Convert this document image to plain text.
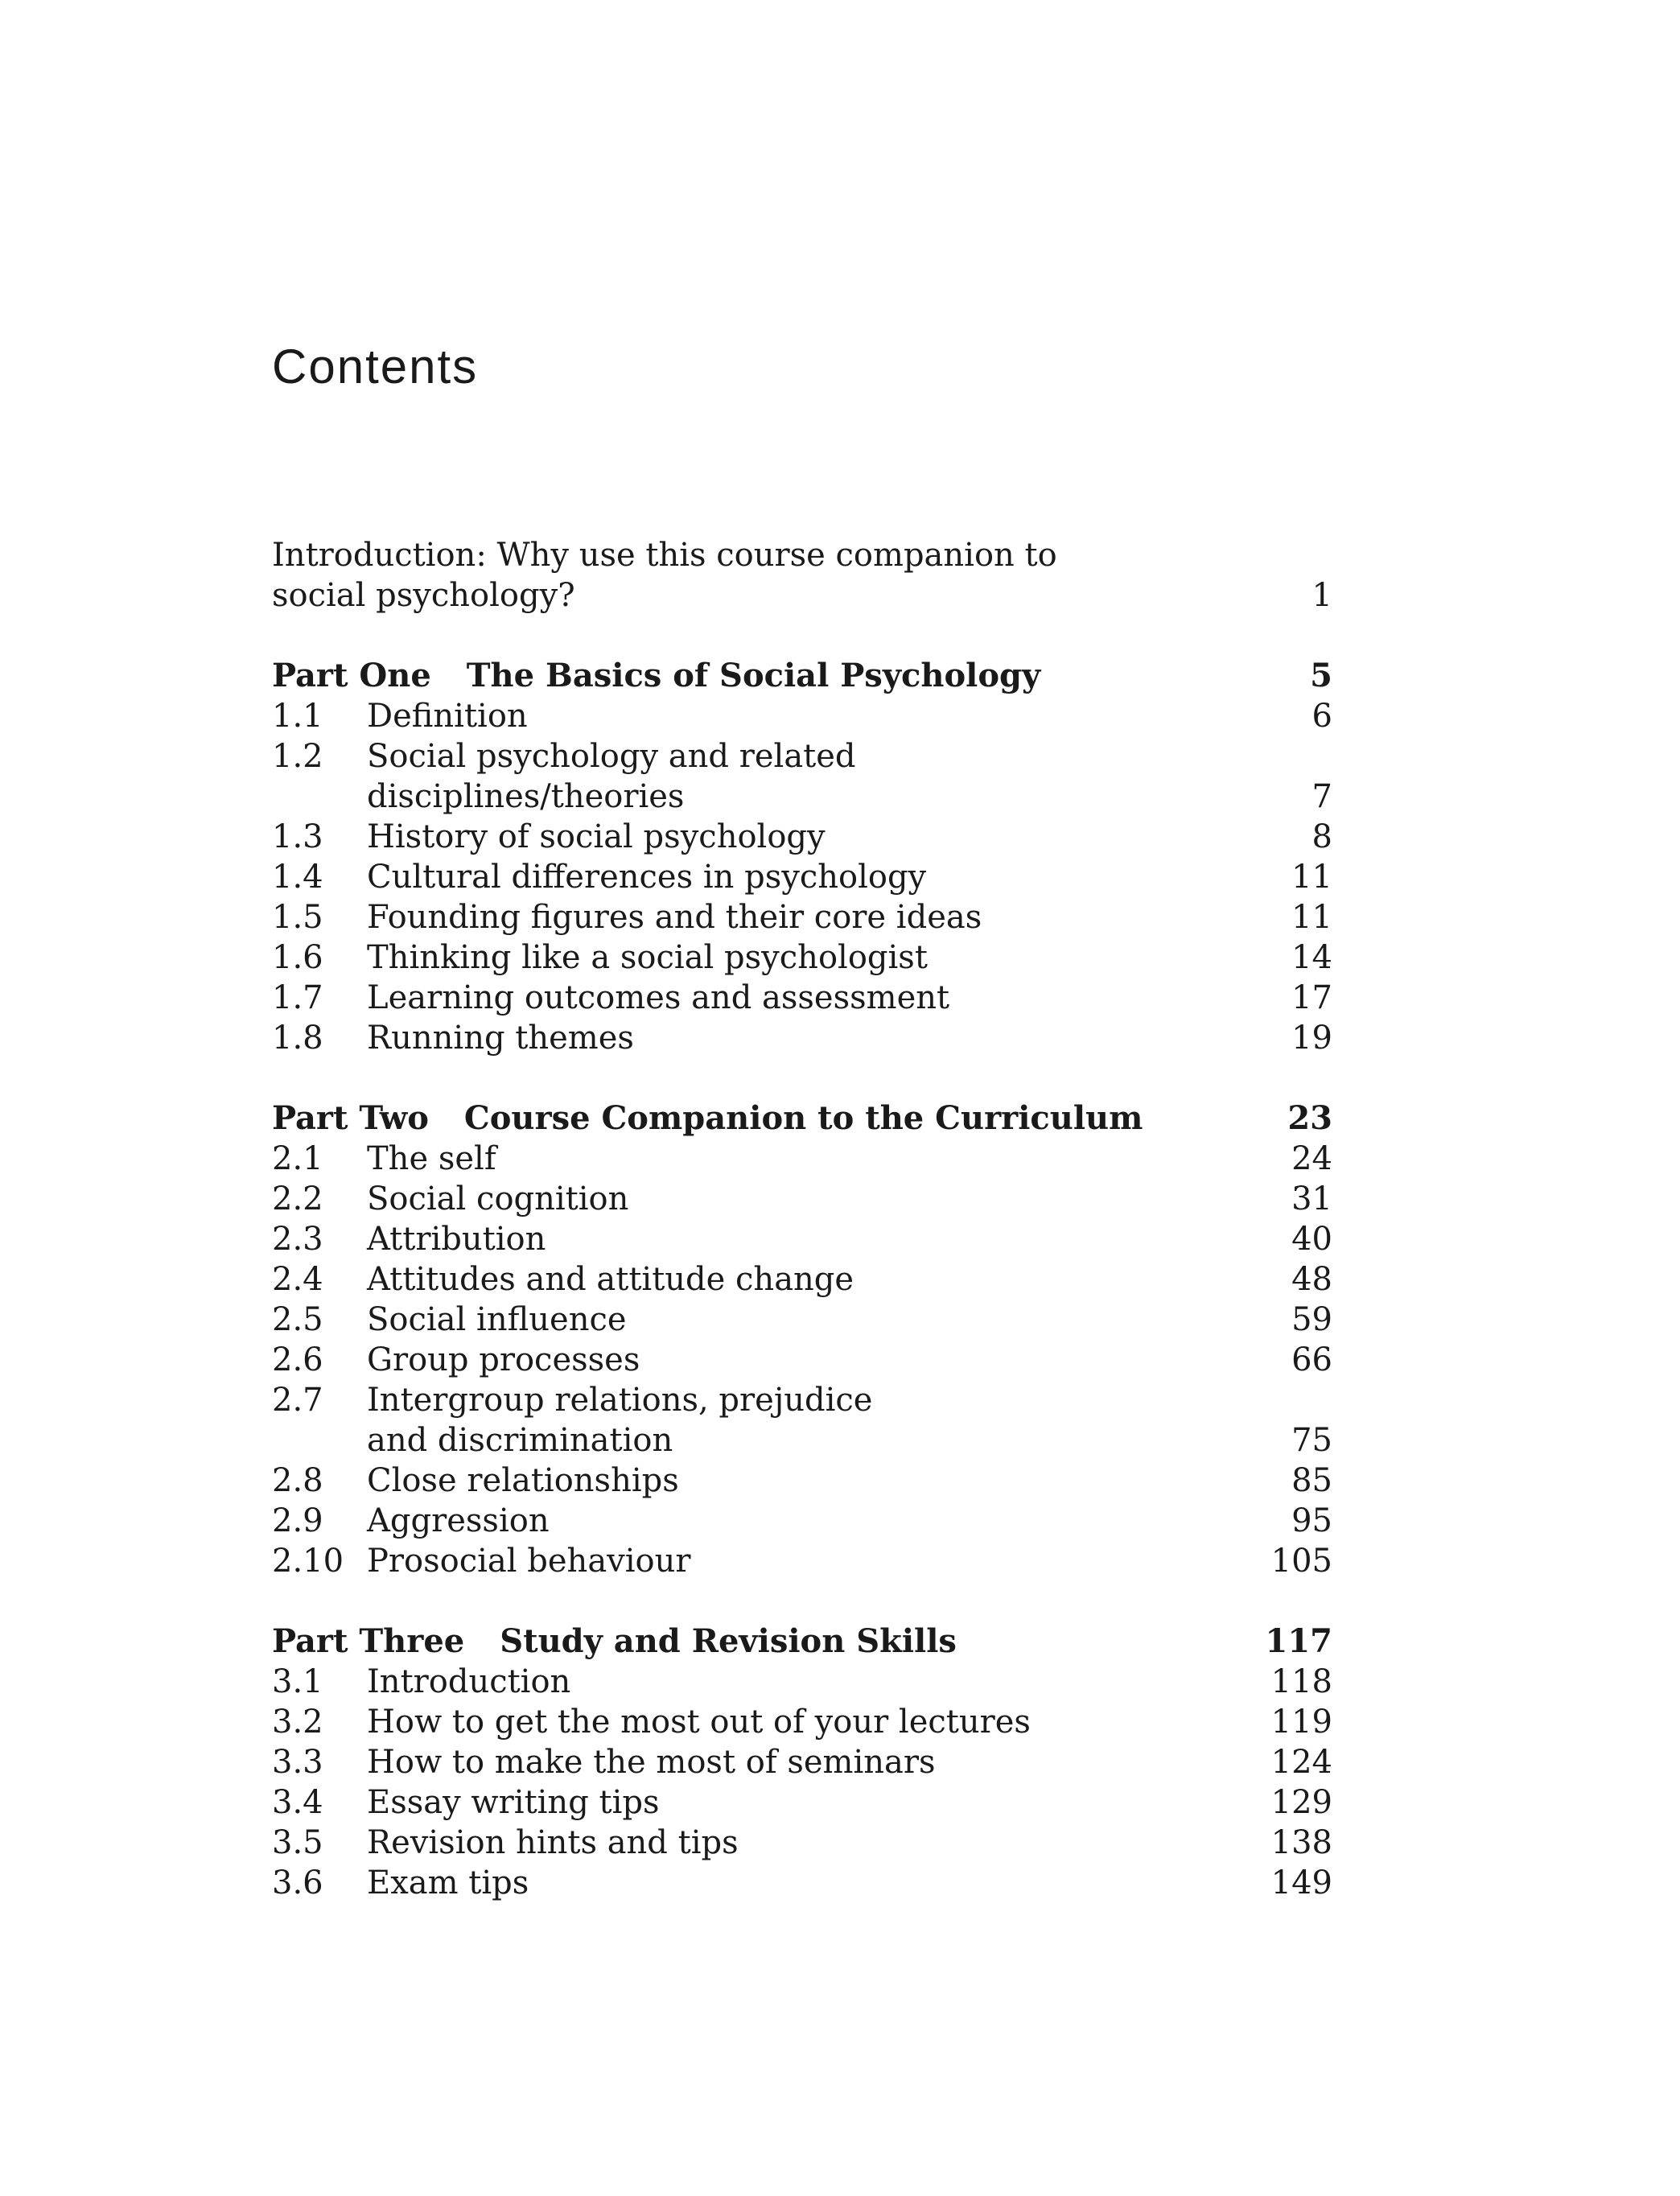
Contents
Introduction: Why use this course companion to
social psychology?	1
Part One The Basics of Social Psychology	5
1.1	Definition	6
1.2	Social psychology and related
disciplines/theories	7
1.3	History of social psychology	8
1.4	Cultural differences in psychology	11
1.5	Founding figures and their core ideas	11
1.6	Thinking like a social psychologist	14
1.7	Learning outcomes and assessment	17
1.8	Running themes	19
Part Two Course Companion to the Curriculum	23
2.1	The self	24
2.2	Social cognition	31
2.3	Attribution	40
2.4	Attitudes and attitude change	48
2.5	Social influence	59
2.6	Group processes	66
2.7	Intergroup relations, prejudice
and discrimination	75
2.8	Close relationships	85
2.9	Aggression	95
2.10 Prosocial behaviour	105
Part Three Study and Revision Skills	117
3.1	Introduction	118
3.2	How to get the most out of your lectures	119
3.3	How to make the most of seminars	124
3.4	Essay writing tips	129
3.5	Revision hints and tips	138
3.6	Exam tips	149
